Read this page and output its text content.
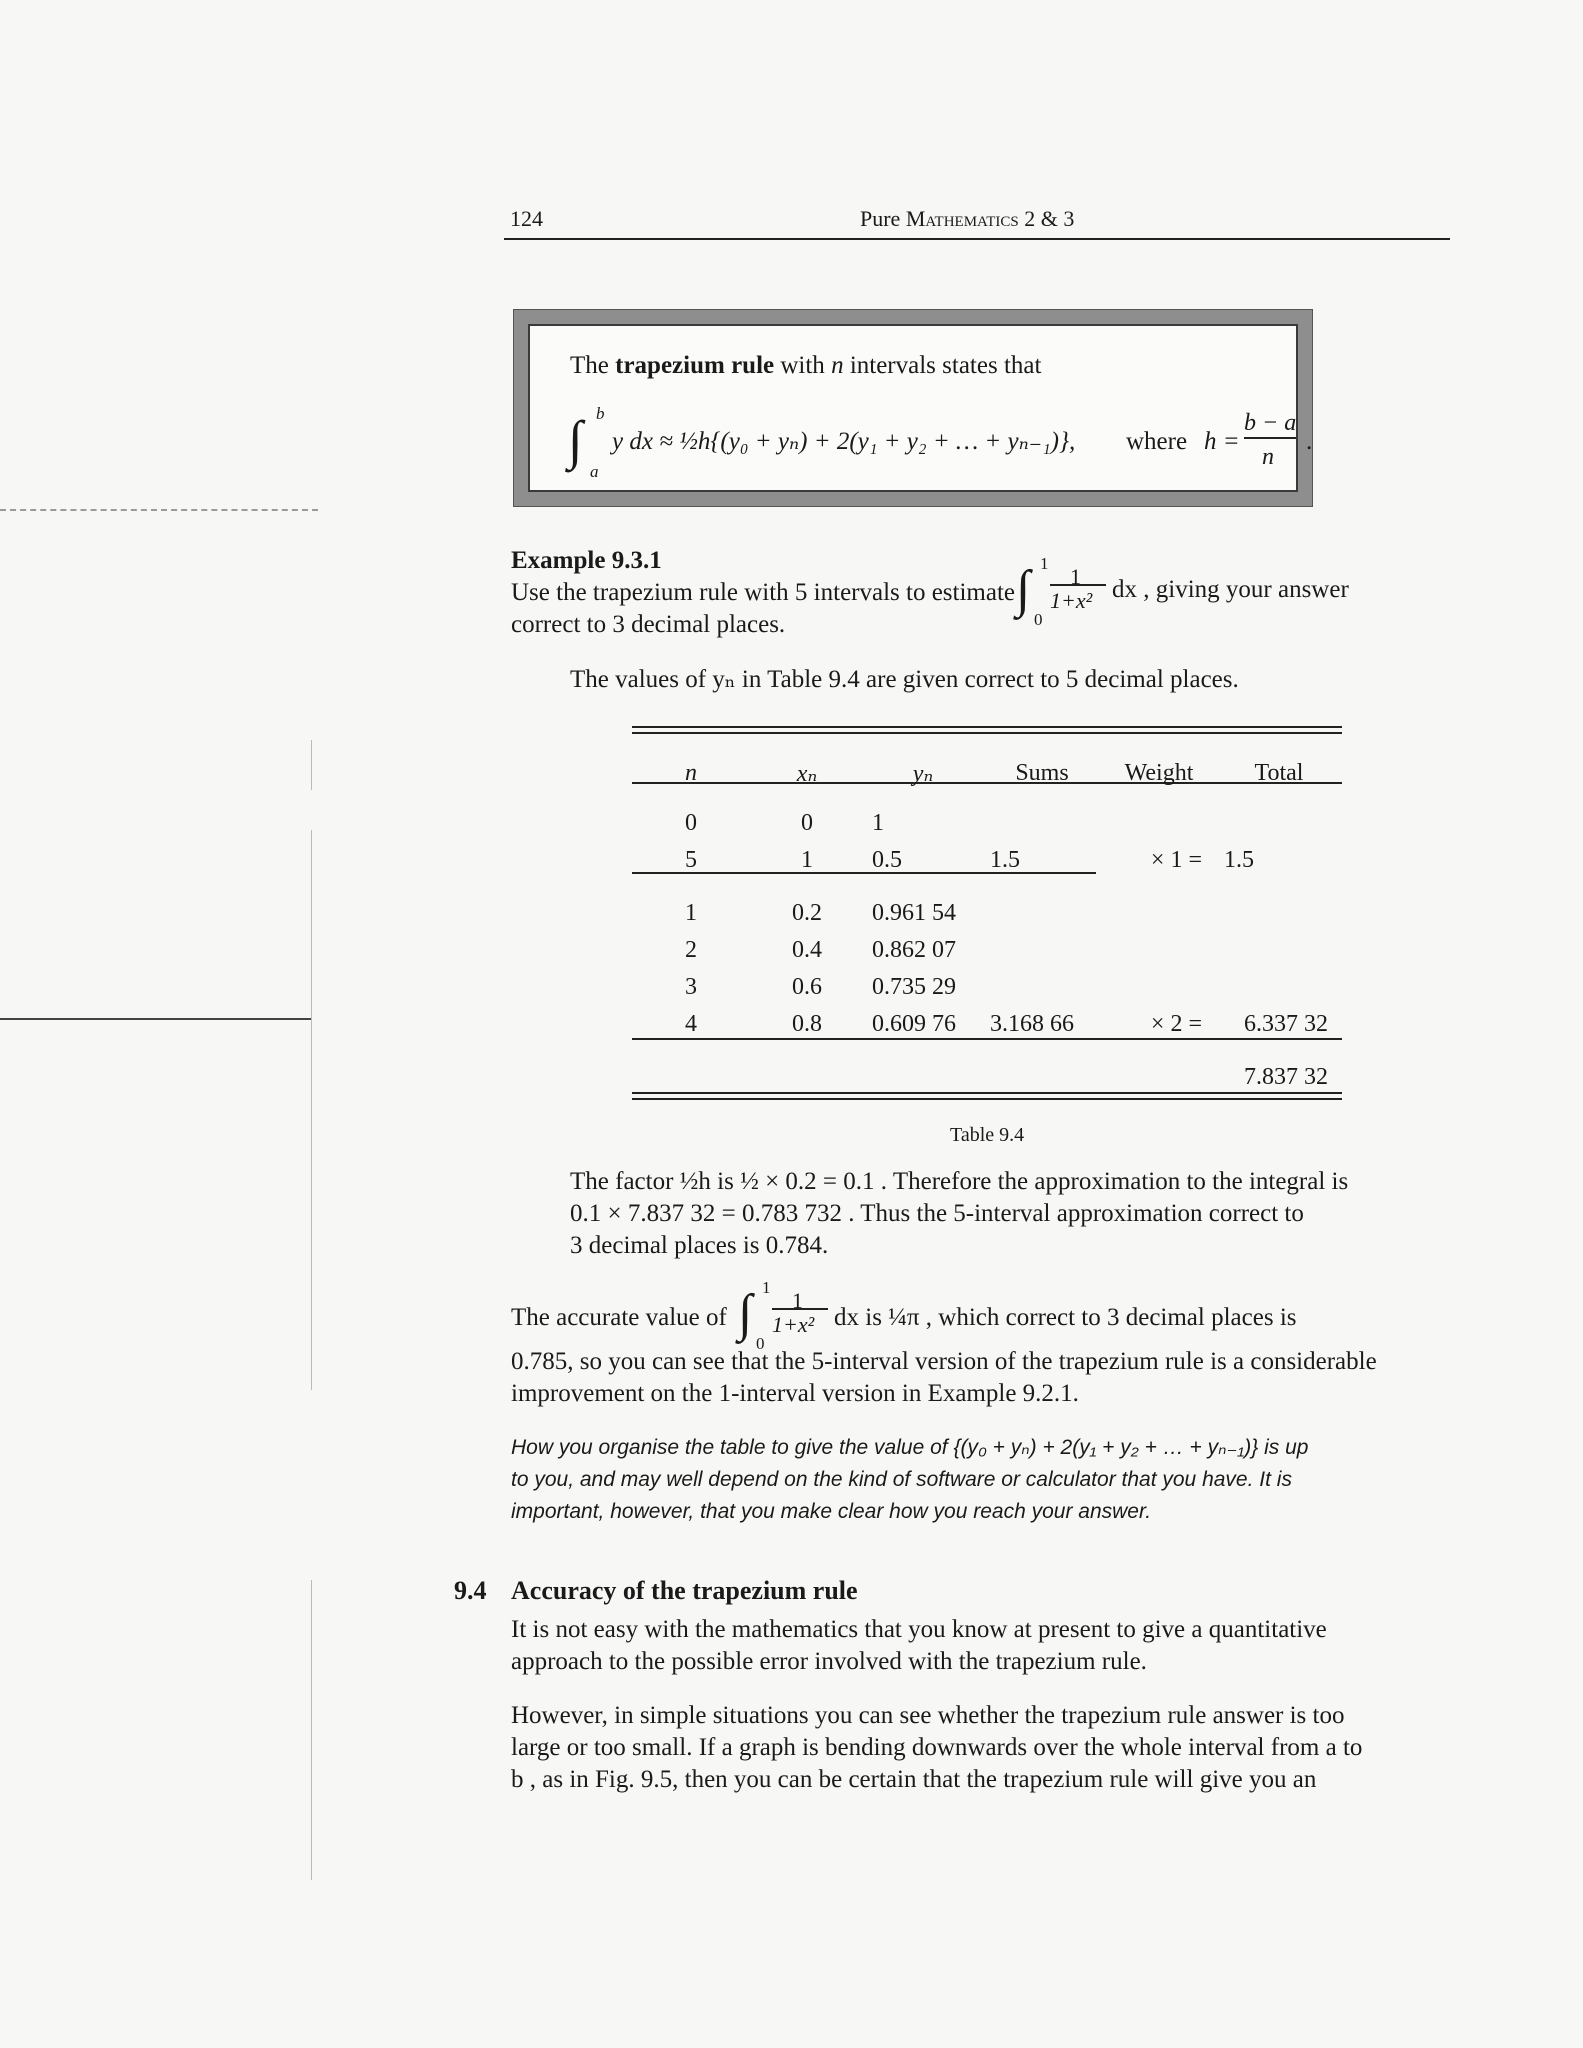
124	Pure Mathematics 2 & 3
The trapezium rule with n intervals states that
∫ b
a
y dx ≈ ½h{(y₀ + yₙ) + 2(y₁ + y₂ + … + yₙ₋₁)}, where h =
b − a
n
.
Example 9.3.1
Use the trapezium rule with 5 intervals to estimate ∫ 1
0
1
1+x² dx , giving your answer
correct to 3 decimal places.
The values of yₙ in Table 9.4 are given correct to 5 decimal places.
n	xₙ	yₙ	Sums	Weight	Total

0	0	1			
5	1	0.5	1.5	× 1 =	1.5

1	0.2	0.961 54			
2	0.4	0.862 07			
3	0.6	0.735 29			
4	0.8	0.609 76	3.168 66	× 2 =	6.337 32

					7.837 32
Table 9.4
The factor ½h is ½ × 0.2 = 0.1 . Therefore the approximation to the integral is
0.1 × 7.837 32 = 0.783 732 . Thus the 5-interval approximation correct to
3 decimal places is 0.784.
The accurate value of ∫ 1
0
1
1+x² dx is ¼π , which correct to 3 decimal places is
0.785, so you can see that the 5-interval version of the trapezium rule is a considerable
improvement on the 1-interval version in Example 9.2.1.
How you organise the table to give the value of {(y₀ + yₙ) + 2(y₁ + y₂ + … + yₙ₋₁)} is up
to you, and may well depend on the kind of software or calculator that you have. It is
important, however, that you make clear how you reach your answer.
9.4 Accuracy of the trapezium rule
It is not easy with the mathematics that you know at present to give a quantitative
approach to the possible error involved with the trapezium rule.
However, in simple situations you can see whether the trapezium rule answer is too
large or too small. If a graph is bending downwards over the whole interval from a to
b , as in Fig. 9.5, then you can be certain that the trapezium rule will give you an
